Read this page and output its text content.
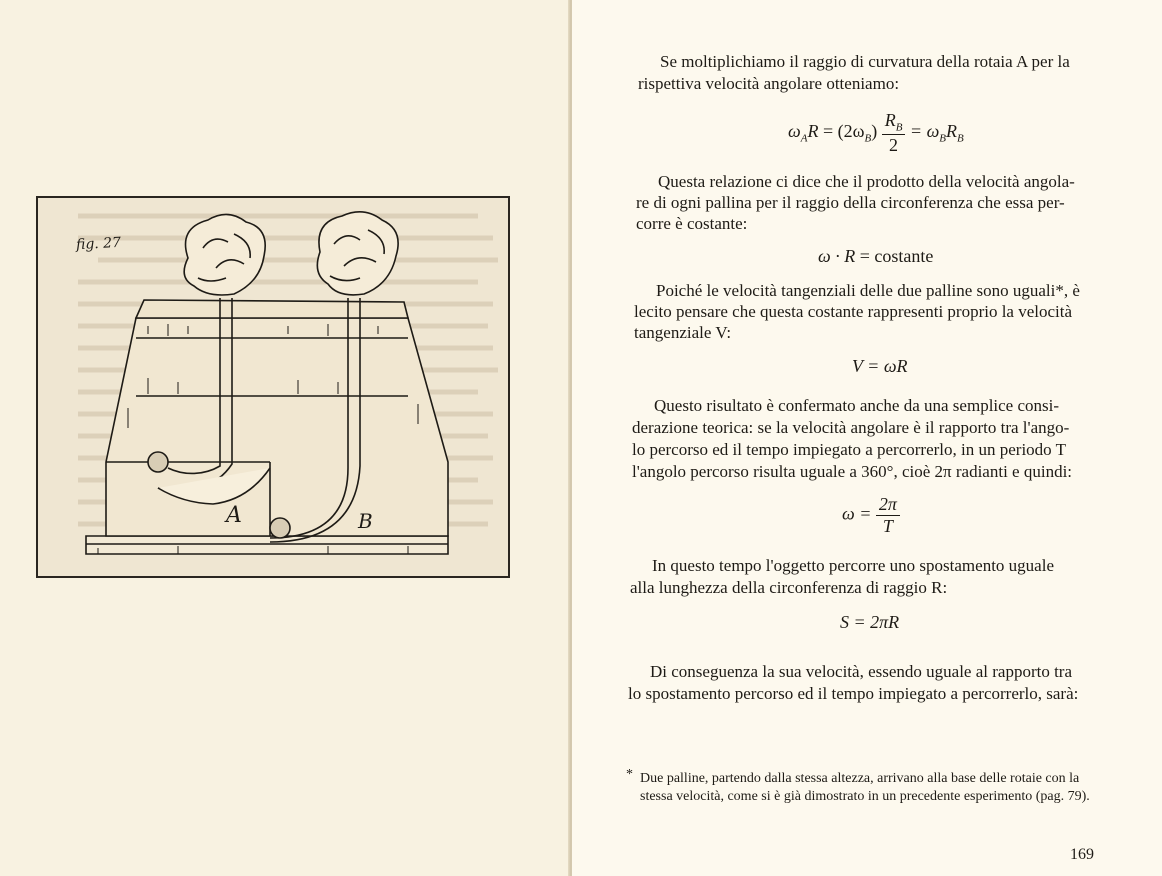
A	B
fig. 27
Se moltiplichiamo il raggio di curvatura della rotaia A per la
rispettiva velocità angolare otteniamo:
$\omega_AR = (2\omega_B) \frac{R_B}{2} = \omega_BR_B$
Questa relazione ci dice che il prodotto della velocità angola-
re di ogni pallina per il raggio della circonferenza che essa per-
corre è costante:
ω · R = costante
Poiché le velocità tangenziali delle due palline sono uguali*, è
lecito pensare che questa costante rappresenti proprio la velocità
tangenziale V:
V = ωR
Questo risultato è confermato anche da una semplice consi-
derazione teorica: se la velocità angolare è il rapporto tra l'ango-
lo percorso ed il tempo impiegato a percorrerlo, in un periodo T
l'angolo percorso risulta uguale a 360°, cioè 2π radianti e quindi:
$\omega = \frac{2\pi}{T}$
In questo tempo l'oggetto percorre uno spostamento uguale
alla lunghezza della circonferenza di raggio R:
S = 2πR
Di conseguenza la sua velocità, essendo uguale al rapporto tra
lo spostamento percorso ed il tempo impiegato a percorrerlo, sarà:
* Due palline, partendo dalla stessa altezza, arrivano alla base delle rotaie con la
stessa velocità, come si è già dimostrato in un precedente esperimento (pag. 79).
169
